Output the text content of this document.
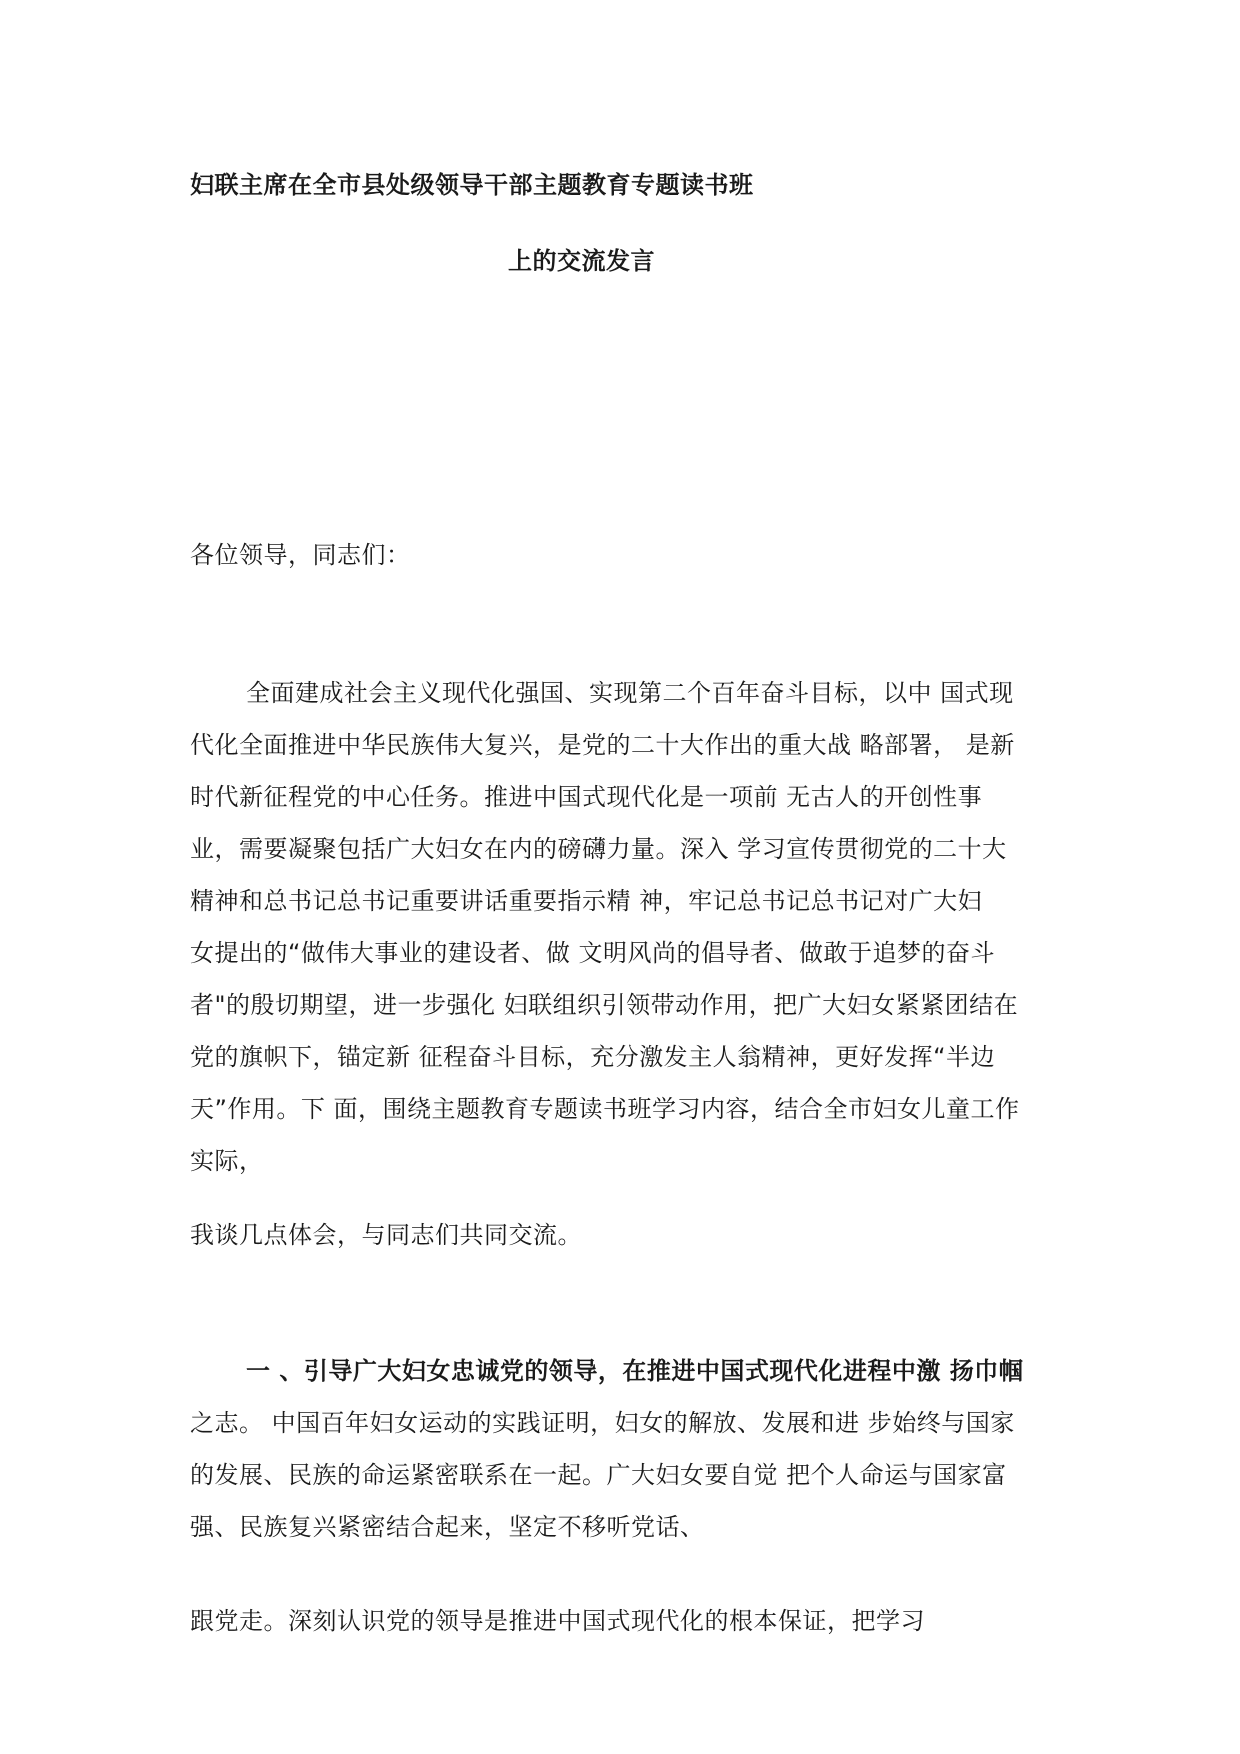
妇联主席在全市县处级领导干部主题教育专题读书班
上的交流发言
各位领导，同志们：
全面建成社会主义现代化强国、实现第二个百年奋斗目标，以中 国式现
代化全面推进中华民族伟大复兴，是党的二十大作出的重大战 略部署， 是新
时代新征程党的中心任务。推进中国式现代化是一项前 无古人的开创性事
业，需要凝聚包括广大妇女在内的磅礴力量。深入 学习宣传贯彻党的二十大
精神和总书记总书记重要讲话重要指示精 神，牢记总书记总书记对广大妇
女提出的“做伟大事业的建设者、做 文明风尚的倡导者、做敢于追梦的奋斗
者"的殷切期望，进一步强化 妇联组织引领带动作用，把广大妇女紧紧团结在
党的旗帜下，锚定新 征程奋斗目标，充分激发主人翁精神，更好发挥“半边
天”作用。下 面，围绕主题教育专题读书班学习内容，结合全市妇女儿童工作
实际，
我谈几点体会，与同志们共同交流。
一 、引导广大妇女忠诚党的领导，在推进中国式现代化进程中激 扬巾帼
之志。 中国百年妇女运动的实践证明，妇女的解放、发展和进 步始终与国家
的发展、民族的命运紧密联系在一起。广大妇女要自觉 把个人命运与国家富
强、民族复兴紧密结合起来，坚定不移听党话、
跟党走。深刻认识党的领导是推进中国式现代化的根本保证，把学习
